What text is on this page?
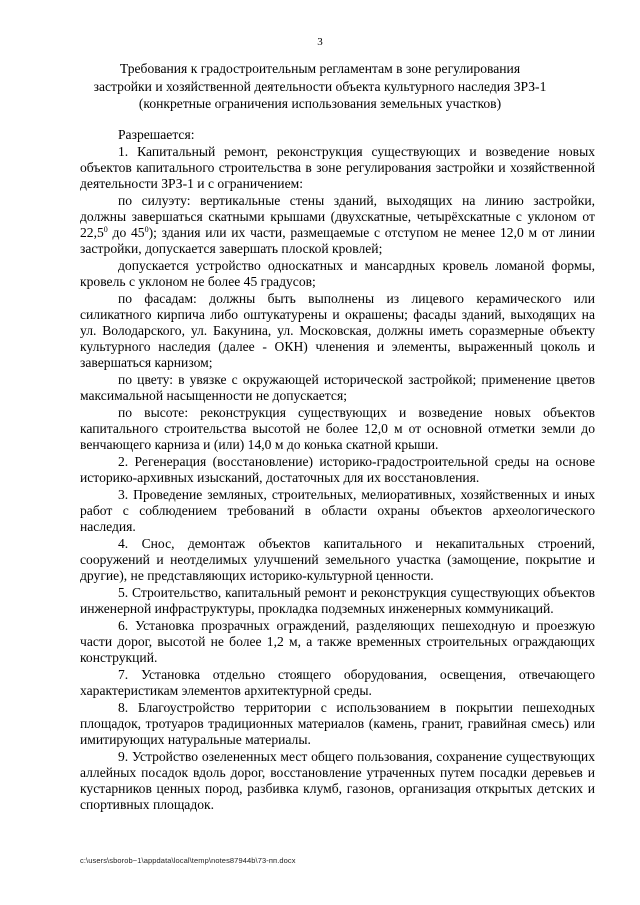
3
Требования к градостроительным регламентам в зоне регулирования
застройки и хозяйственной деятельности объекта культурного наследия ЗРЗ-1
(конкретные ограничения использования земельных участков)

Разрешается:

1. Капитальный ремонт, реконструкция существующих и возведение новых объектов капитального строительства в зоне регулирования застройки и хозяйственной деятельности ЗРЗ-1 и с ограничением:

по силуэту: вертикальные стены зданий, выходящих на линию застройки, должны завершаться скатными крышами (двухскатные, четырёхскатные с уклоном от 22,5$^0$ до $45^0$); здания или их части, размещаемые с отступом не менее 12,0 м от линии застройки, допускается завершать плоской кровлей;

допускается устройство односкатных и мансардных кровель ломаной формы, кровель с уклоном не более 45 градусов;

по фасадам: должны быть выполнены из лицевого керамического или силикатного кирпича либо оштукатурены и окрашены; фасады зданий, выходящих на ул. Володарского, ул. Бакунина, ул. Московская, должны иметь соразмерные объекту культурного наследия (далее - ОКН) членения и элементы, выраженный цоколь и завершаться карнизом;

по цвету: в увязке с окружающей исторической застройкой; применение цветов максимальной насыщенности не допускается;

по высоте: реконструкция существующих и возведение новых объектов капитального строительства высотой не более 12,0 м от основной отметки земли до венчающего карниза и (или) 14,0 м до конька скатной крыши.

2. Регенерация (восстановление) историко-градостроительной среды на основе историко-архивных изысканий, достаточных для их восстановления.

3. Проведение земляных, строительных, мелиоративных, хозяйственных и иных работ с соблюдением требований в области охраны объектов археологического наследия.

4. Снос, демонтаж объектов капитального и некапитальных строений, сооружений и неотделимых улучшений земельного участка (замощение, покрытие и другие), не представляющих историко-культурной ценности.

5. Строительство, капитальный ремонт и реконструкция существующих объектов инженерной инфраструктуры, прокладка подземных инженерных коммуникаций.

6. Установка прозрачных ограждений, разделяющих пешеходную и проезжую части дорог, высотой не более 1,2 м, а также временных строительных ограждающих конструкций.

7. Установка отдельно стоящего оборудования, освещения, отвечающего характеристикам элементов архитектурной среды.

8. Благоустройство территории с использованием в покрытии пешеходных площадок, тротуаров традиционных материалов (камень, гранит, гравийная смесь) или имитирующих натуральные материалы.

9. Устройство озелененных мест общего пользования, сохранение существующих аллейных посадок вдоль дорог, восстановление утраченных путем посадки деревьев и кустарников ценных пород, разбивка клумб, газонов, организация открытых детских и спортивных площадок.

c:\users\sborob~1\appdata\local\temp\notes87944b\73-пп.docx
